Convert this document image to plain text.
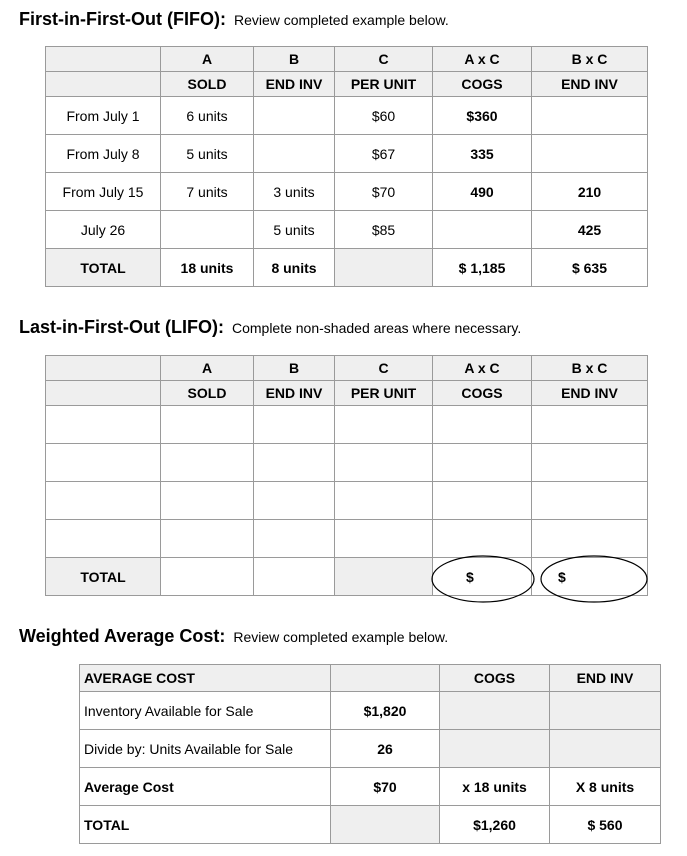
First-in-First-Out (FIFO): Review completed example below.
	A	B	C	A x C	B x C
	SOLD	END INV	PER UNIT	COGS	END INV
From July 1	6 units		$60	$360	
From July 8	5 units		$67	335	
From July 15	7 units	3 units	$70	490	210
July 26		5 units	$85		425
TOTAL	18 units	8 units		$ 1,185	$ 635
Last-in-First-Out (LIFO): Complete non-shaded areas where necessary.
	A	B	C	A x C	B x C
	SOLD	END INV	PER UNIT	COGS	END INV

TOTAL				$	$
Weighted Average Cost: Review completed example below.
AVERAGE COST		COGS	END INV
Inventory Available for Sale	$1,820		
Divide by: Units Available for Sale	26		
Average Cost	$70	x 18 units	X 8 units
TOTAL		$1,260	$ 560
